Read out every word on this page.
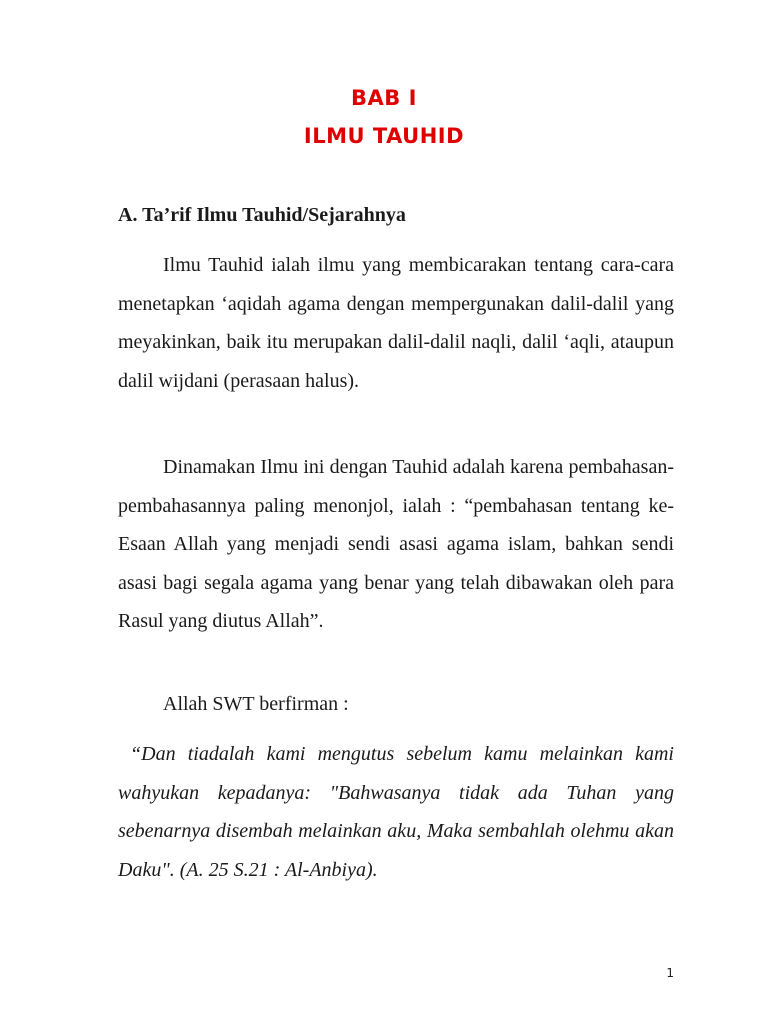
BAB I
ILMU TAUHID
A. Ta’rif Ilmu Tauhid/Sejarahnya
Ilmu Tauhid ialah ilmu yang membicarakan tentang cara-cara menetapkan ‘aqidah agama dengan mempergunakan dalil-dalil yang meyakinkan, baik itu merupakan dalil-dalil naqli, dalil ‘aqli, ataupun dalil wijdani (perasaan halus).
Dinamakan Ilmu ini dengan Tauhid adalah karena pembahasan-pembahasannya paling menonjol, ialah : “pembahasan tentang ke-Esaan Allah yang menjadi sendi asasi agama islam, bahkan sendi asasi bagi segala agama yang benar yang telah dibawakan oleh para Rasul yang diutus Allah”.
Allah SWT berfirman :
“Dan tiadalah kami mengutus sebelum kamu melainkan kami wahyukan kepadanya: "Bahwasanya tidak ada Tuhan yang sebenarnya disembah melainkan aku, Maka sembahlah olehmu akan Daku". (A. 25 S.21 : Al-Anbiya).
1
